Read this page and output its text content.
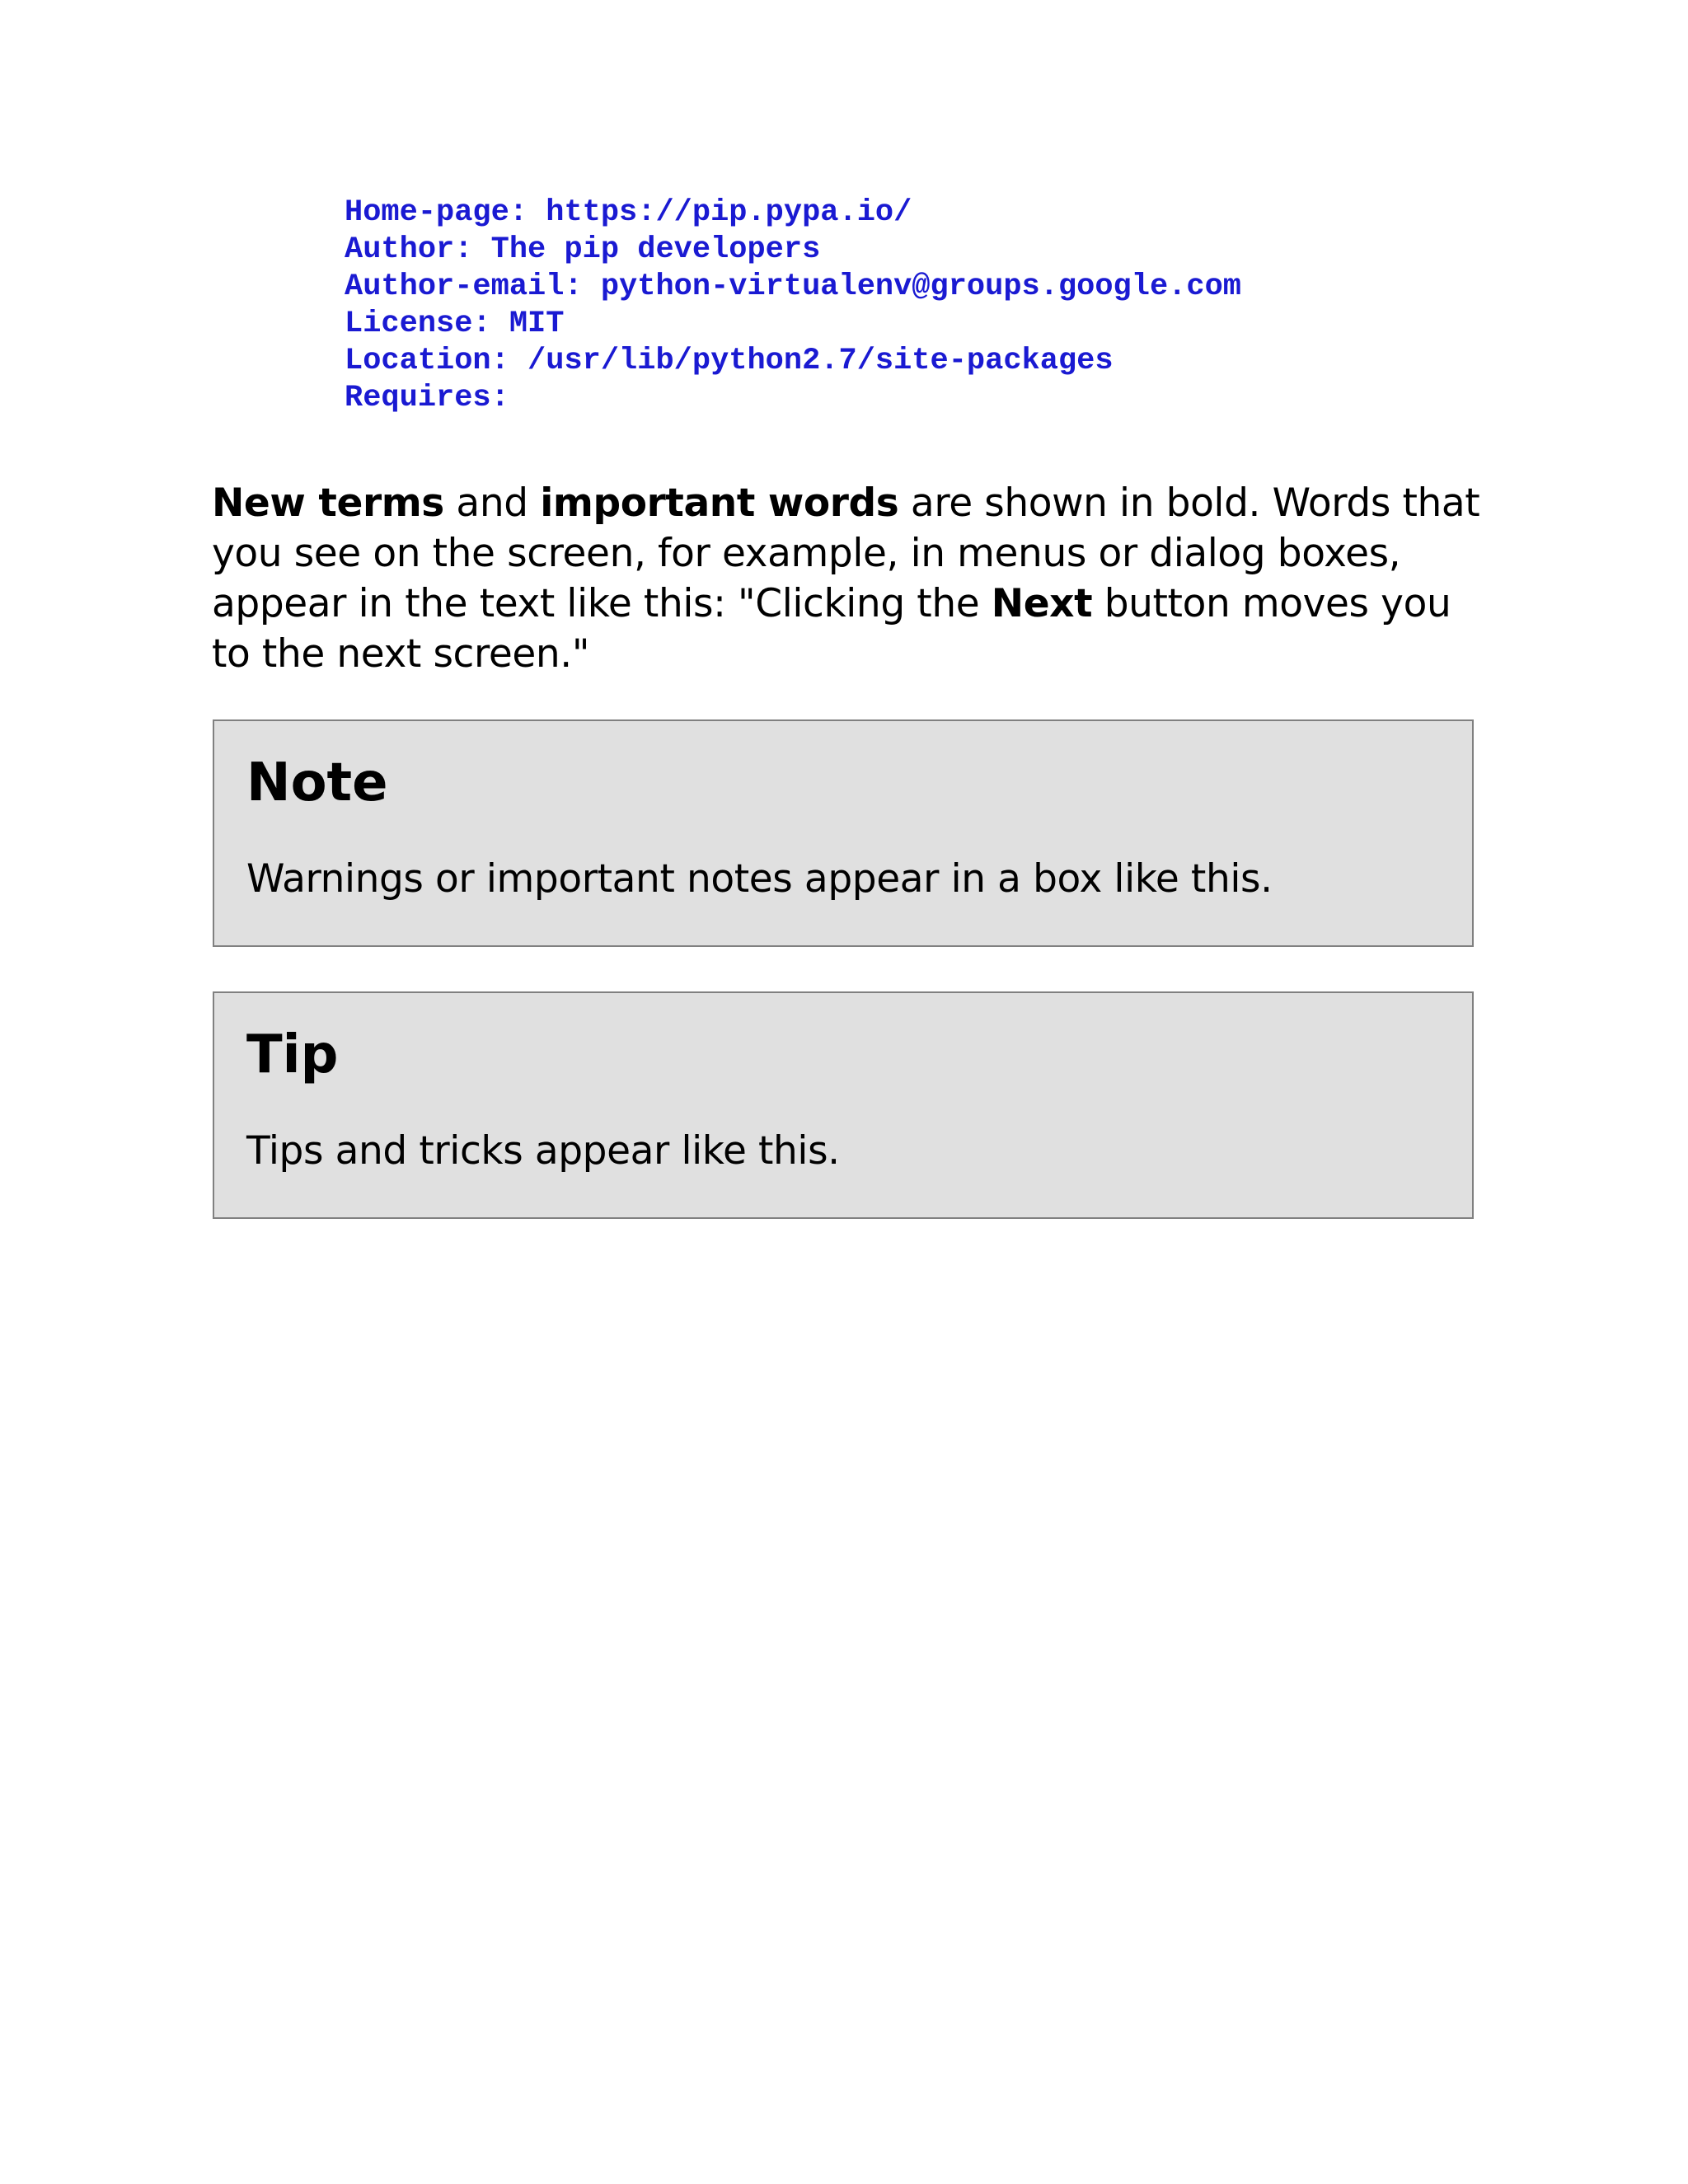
Home-page: https://pip.pypa.io/
Author: The pip developers
Author-email: python-virtualenv@groups.google.com
License: MIT
Location: /usr/lib/python2.7/site-packages
Requires:

New terms and important words are shown in bold. Words that you see on the screen, for example, in menus or dialog boxes, appear in the text like this: "Clicking the Next button moves you to the next screen."

Note

Warnings or important notes appear in a box like this.

Tip

Tips and tricks appear like this.
